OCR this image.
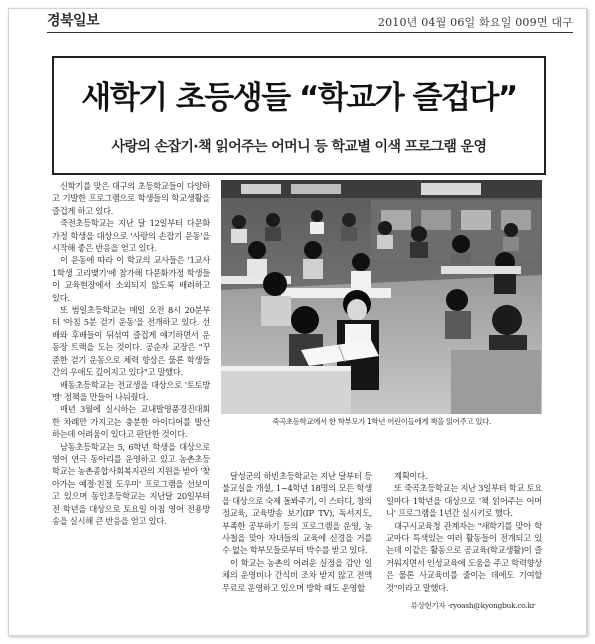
경북일보	2010년 04월 06일 화요일 009면 대구
새학기 초등생들 “학교가 즐겁다”
사랑의 손잡기·책 읽어주는 어머니 등 학교별 이색 프로그램 운영

신학기를 맞은 대구의 초등학교들이 다양하고 기발한 프로그램으로 학생들의 학교생활을 즐겁게 하고 있다.

죽전초등학교는 지난 달 12일부터 다문화 가정 학생을 대상으로 '사랑의 손잡기 운동'을 시작해 좋은 반응을 얻고 있다.

이 운동에 따라 이 학교의 교사들은 '1교사 1학생 고리맺기'에 참가해 다문화가정 학생들이 교육현장에서 소외되지 않도록 배려하고 있다.

또 범일초등학교는 매일 오전 8시 20분부터 '아침 5분 걷기 운동'을 전개하고 있다. 선배와 후배들이 뒤섞여 즐겁게 얘기하면서 운동장 트랙을 도는 것이다. 공순자 교장은 "꾸준한 걷기 운동으로 체력 향상은 물론 학생들간의 우애도 깊어지고 있다"고 말했다.

배동초등학교는 전교생을 대상으로 '토토방맹' 정책을 만들어 나눠줬다.

매년 3월에 실시하는 교내발명품경진대회 한 차례만 가지고는 충분한 아이디어를 발산하는데 어려움이 있다고 판단한 것이다.

남동초등학교는 5, 6학년 학생을 대상으로 영어 연극 동아리를 운영하고 있고 농촌초등학교는 농촌종합사회복지관의 지원을 받아 '찾아가는 예절·친절 도우미' 프로그램을 선보이고 있으며 동인초등학교는 지난달 20일부터 전 학년을 대상으로 토요일 아침 영어 전용방송을 실시해 큰 반응을 얻고 있다.

죽곡초등학교에서 한 학부모가 1학년 어린이들에게 책을 읽어주고 있다.

달성군의 하빈초등학교는 지난 달부터 등불교실을 개설, 1~4학년 18명의 모든 학생을 대상으로 숙제 돌봐주기, 이 스터디, 창의정교육, 교육방송 보기(IP TV), 독서지도, 부족한 공부하기 등의 프로그램을 운영, 농사철을 맞아 자녀들의 교육에 신경을 거를 수 없는 학부모들로부터 박수를 받고 있다.

이 학교는 농촌의 어려운 실정을 감안 일체의 운영비나 간식비 조차 받지 않고 전액 무료로 운영하고 있으며 방학 때도 운영할

계획이다.

또 죽곡초등학교는 지난 3일부터 학교 토요일마다 1학년을 대상으로 '책 읽어주는 어머니' 프로그램을 1년간 실시키로 했다.

대구시교육청 관계자는 "새학기를 맞아 학교마다 특색있는 여러 활동들이 전개되고 있는데 이같은 활동으로 공교육(학교생활)이 즐거워지면서 인성교육에 도움을 주고 학력향상은 물론 사교육비를 줄이는 데에도 기여할 것"이라고 말했다.

류상현기자 -ryoash@kyongbuk.co.kr
